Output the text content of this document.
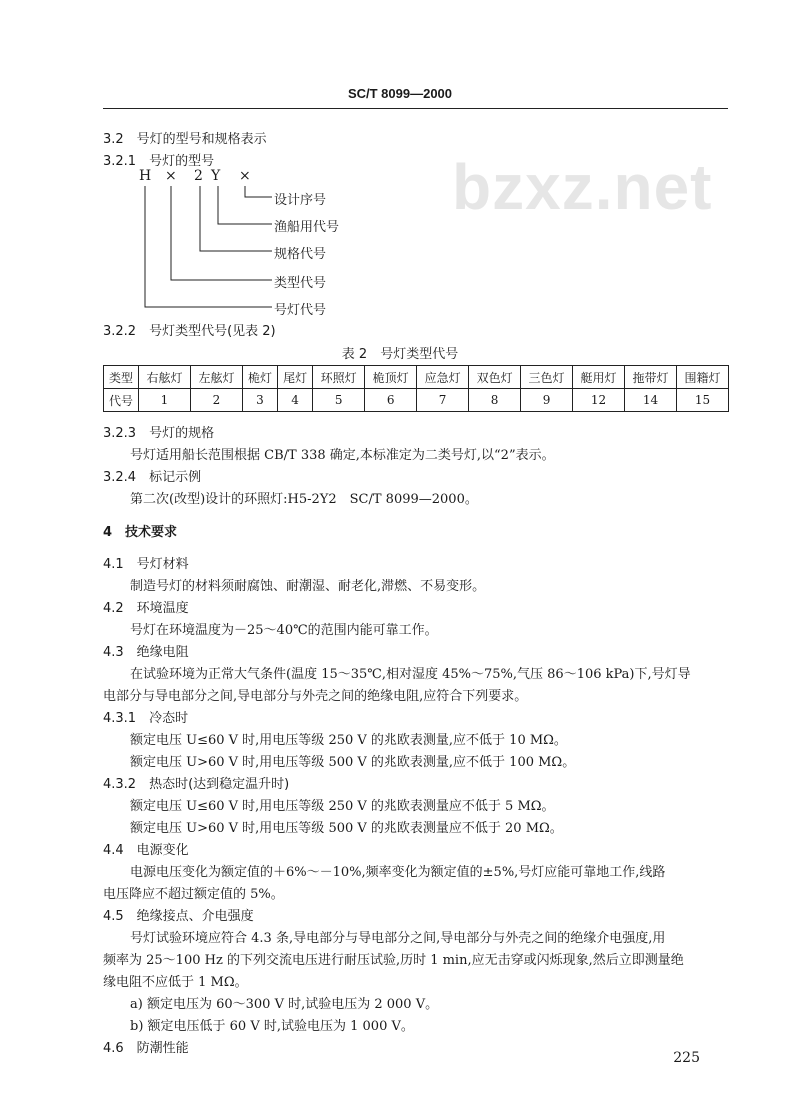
SC/T 8099—2000
bzxz.net
3.2　号灯的型号和规格表示
3.2.1　号灯的型号
H × 2 Y ×
设计序号
渔船用代号
规格代号
类型代号
号灯代号
3.2.2　号灯类型代号(见表 2)
表 2　号灯类型代号
类型	右舷灯	左舷灯	桅灯	尾灯	环照灯	桅顶灯	应急灯	双色灯	三色灯	艇用灯	拖带灯	围籍灯
代号	1	2	3	4	5	6	7	8	9	12	14	15
3.2.3　号灯的规格
号灯适用船长范围根据 CB/T 338 确定,本标准定为二类号灯,以“2”表示。
3.2.4　标记示例
第二次(改型)设计的环照灯:H5-2Y2　SC/T 8099—2000。
4　技术要求
4.1　号灯材料
制造号灯的材料须耐腐蚀、耐潮湿、耐老化,滞燃、不易变形。
4.2　环境温度
号灯在环境温度为－25～40℃的范围内能可靠工作。
4.3　绝缘电阻
在试验环境为正常大气条件(温度 15～35℃,相对湿度 45%～75%,气压 86～106 kPa)下,号灯导
电部分与导电部分之间,导电部分与外壳之间的绝缘电阻,应符合下列要求。
4.3.1　冷态时
额定电压 U≤60 V 时,用电压等级 250 V 的兆欧表测量,应不低于 10 MΩ。
额定电压 U>60 V 时,用电压等级 500 V 的兆欧表测量,应不低于 100 MΩ。
4.3.2　热态时(达到稳定温升时)
额定电压 U≤60 V 时,用电压等级 250 V 的兆欧表测量应不低于 5 MΩ。
额定电压 U>60 V 时,用电压等级 500 V 的兆欧表测量应不低于 20 MΩ。
4.4　电源变化
电源电压变化为额定值的＋6%～－10%,频率变化为额定值的±5%,号灯应能可靠地工作,线路
电压降应不超过额定值的 5%。
4.5　绝缘接点、介电强度
号灯试验环境应符合 4.3 条,导电部分与导电部分之间,导电部分与外壳之间的绝缘介电强度,用
频率为 25～100 Hz 的下列交流电压进行耐压试验,历时 1 min,应无击穿或闪烁现象,然后立即测量绝
缘电阻不应低于 1 MΩ。
a) 额定电压为 60～300 V 时,试验电压为 2 000 V。
b) 额定电压低于 60 V 时,试验电压为 1 000 V。
4.6　防潮性能
225
